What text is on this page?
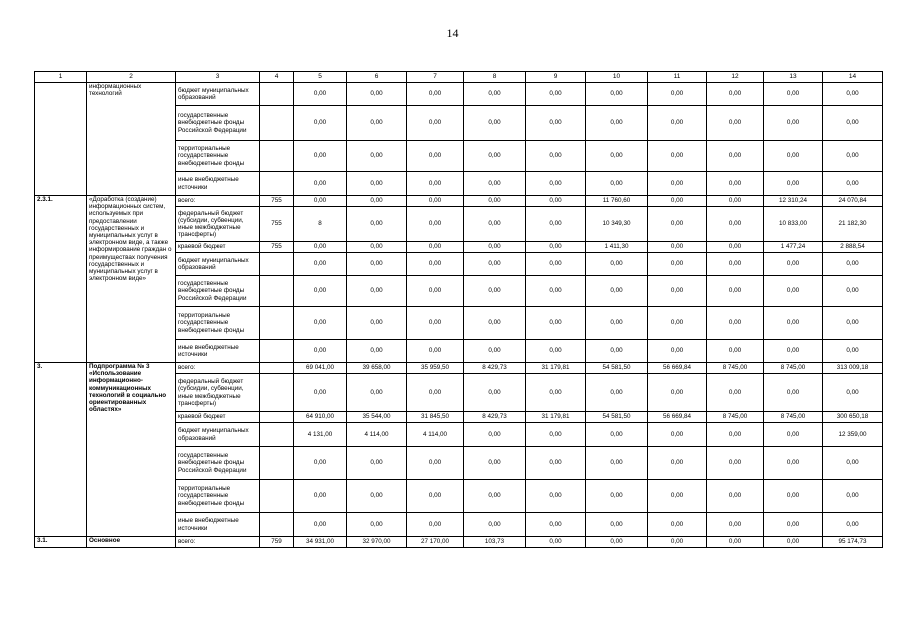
14
1	2	3	4	5	6	7	8	9	10	11	12	13	14
	информационных технологий	бюджет муниципальных образований		0,00	0,00	0,00	0,00	0,00	0,00	0,00	0,00	0,00	0,00
		государственные внебюджетные фонды Российской Федерации		0,00	0,00	0,00	0,00	0,00	0,00	0,00	0,00	0,00	0,00
		территориальные государственные внебюджетные фонды		0,00	0,00	0,00	0,00	0,00	0,00	0,00	0,00	0,00	0,00
		иные внебюджетные источники		0,00	0,00	0,00	0,00	0,00	0,00	0,00	0,00	0,00	0,00
2.3.1.	«Доработка (создание) информационных систем, используемых при предоставлении государственных и муниципальных услуг в электронном виде, а также информирование граждан о преимуществах получения государственных и муниципальных услуг в электронном виде»	всего:	755	0,00	0,00	0,00	0,00	0,00	11 760,60	0,00	0,00	12 310,24	24 070,84
		федеральный бюджет (субсидии, субвенции, иные межбюджетные трансферты)	755	8	0,00	0,00	0,00	0,00	10 349,30	0,00	0,00	10 833,00	21 182,30
		краевой бюджет	755	0,00	0,00	0,00	0,00	0,00	1 411,30	0,00	0,00	1 477,24	2 888,54
		бюджет муниципальных образований		0,00	0,00	0,00	0,00	0,00	0,00	0,00	0,00	0,00	0,00
		государственные внебюджетные фонды Российской Федерации		0,00	0,00	0,00	0,00	0,00	0,00	0,00	0,00	0,00	0,00
		территориальные государственные внебюджетные фонды		0,00	0,00	0,00	0,00	0,00	0,00	0,00	0,00	0,00	0,00
		иные внебюджетные источники		0,00	0,00	0,00	0,00	0,00	0,00	0,00	0,00	0,00	0,00
3.	Подпрограмма № 3 «Использование информационно-коммуникационных технологий в социально ориентированных областях»	всего:		69 041,00	39 658,00	35 959,50	8 429,73	31 179,81	54 581,50	56 669,84	8 745,00	8 745,00	313 009,18
		федеральный бюджет (субсидии, субвенции, иные межбюджетные трансферты)		0,00	0,00	0,00	0,00	0,00	0,00	0,00	0,00	0,00	0,00
		краевой бюджет		64 910,00	35 544,00	31 845,50	8 429,73	31 179,81	54 581,50	56 669,84	8 745,00	8 745,00	300 650,18
		бюджет муниципальных образований		4 131,00	4 114,00	4 114,00	0,00	0,00	0,00	0,00	0,00	0,00	12 359,00
		государственные внебюджетные фонды Российской Федерации		0,00	0,00	0,00	0,00	0,00	0,00	0,00	0,00	0,00	0,00
		территориальные государственные внебюджетные фонды		0,00	0,00	0,00	0,00	0,00	0,00	0,00	0,00	0,00	0,00
		иные внебюджетные источники		0,00	0,00	0,00	0,00	0,00	0,00	0,00	0,00	0,00	0,00
3.1.	Основное	всего:	759	34 931,00	32 970,00	27 170,00	103,73	0,00	0,00	0,00	0,00	0,00	95 174,73
